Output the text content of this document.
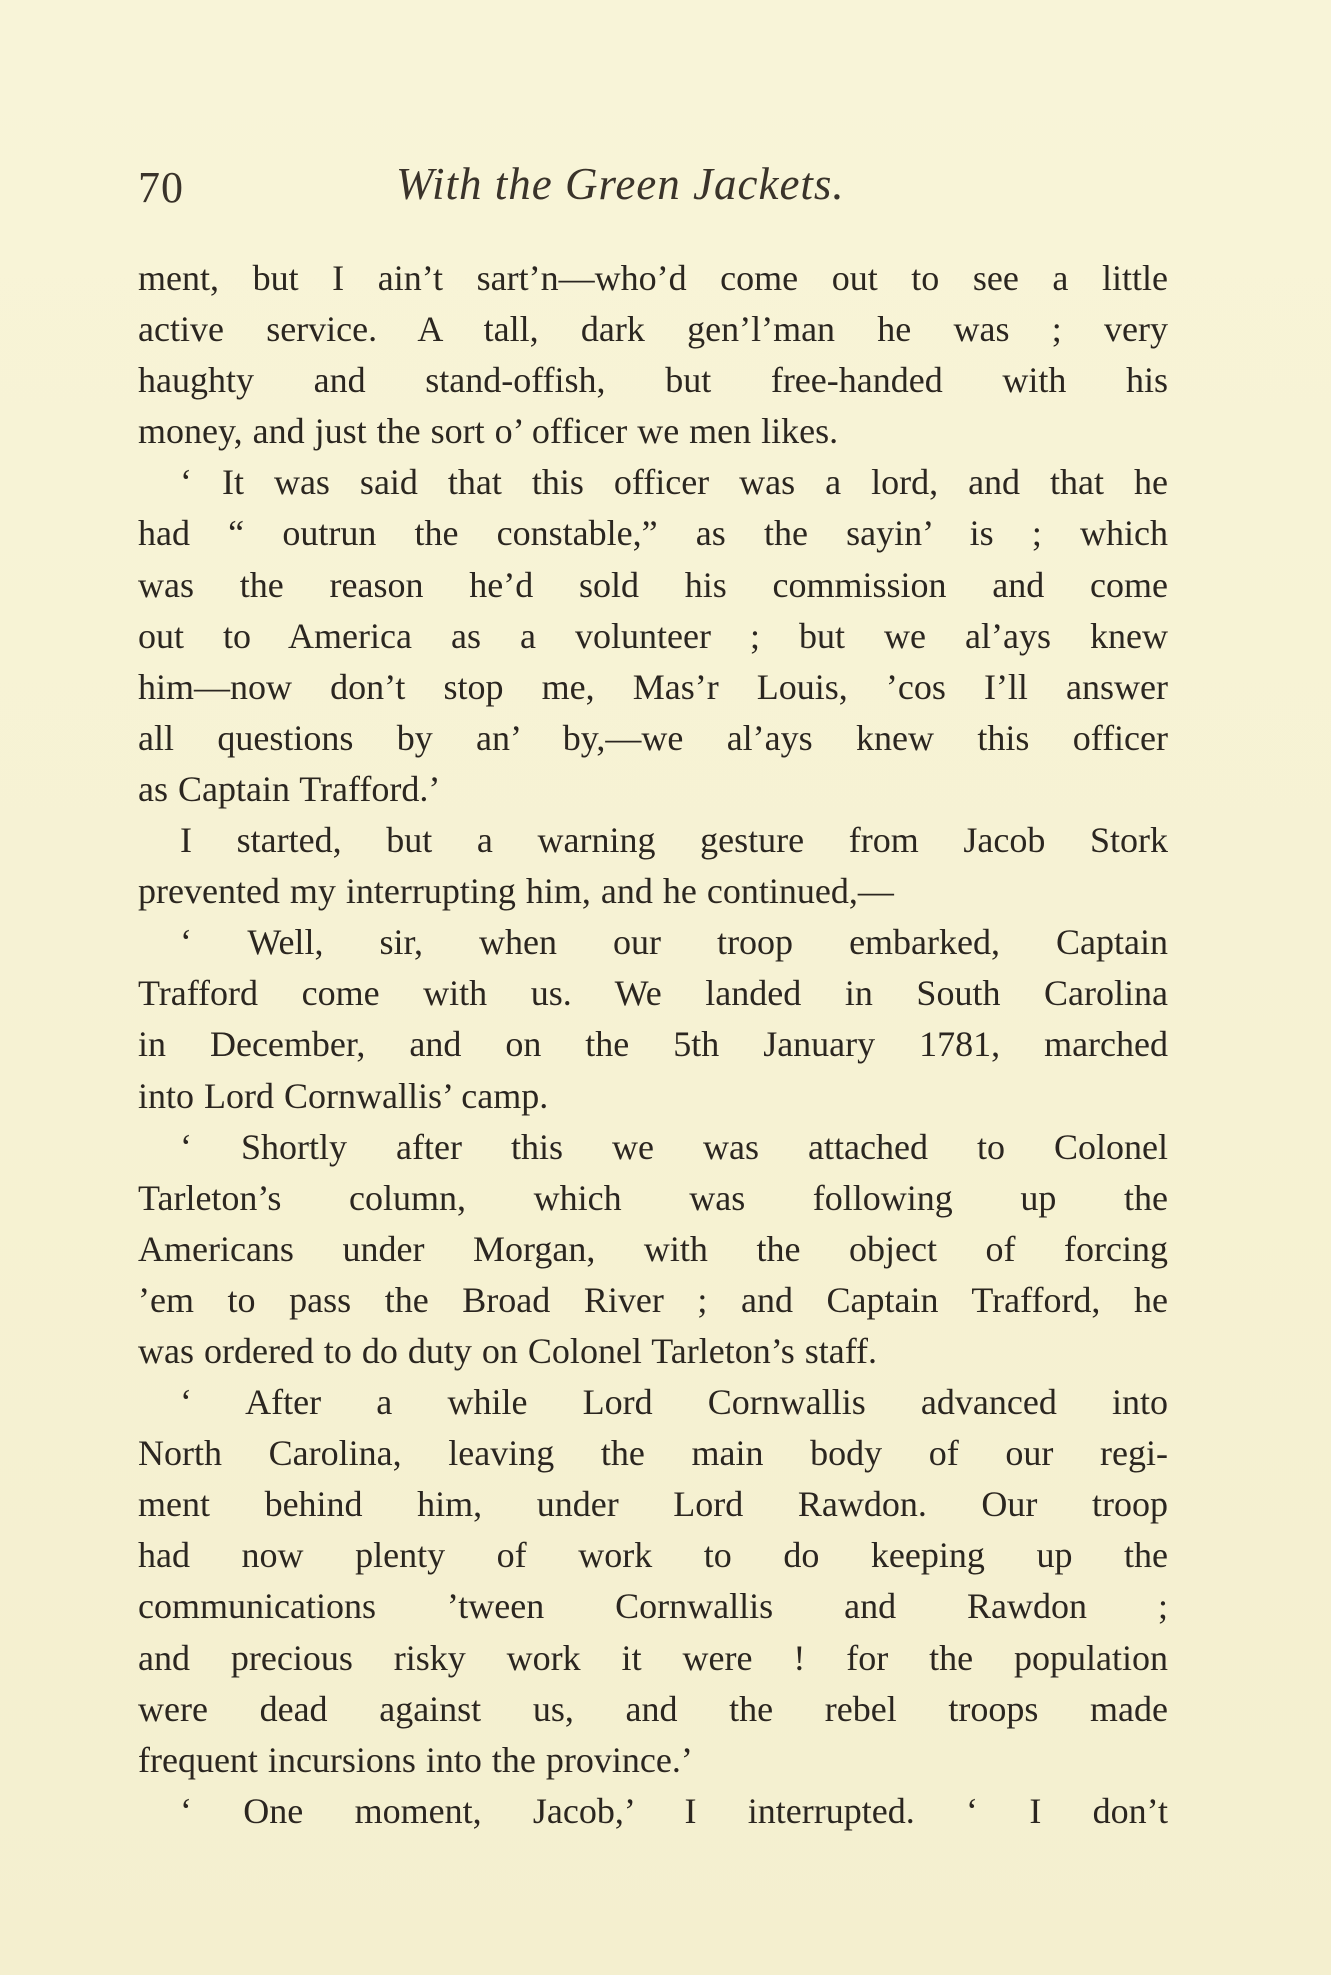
70	With the Green Jackets.
ment, but I ain’t sart’n—who’d come out to see a little
active service. A tall, dark gen’l’man he was ; very
haughty and stand-offish, but free-handed with his
money, and just the sort o’ officer we men likes.
‘ It was said that this officer was a lord, and that he
had “ outrun the constable,” as the sayin’ is ; which
was the reason he’d sold his commission and come
out to America as a volunteer ; but we al’ays knew
him—now don’t stop me, Mas’r Louis, ’cos I’ll answer
all questions by an’ by,—we al’ays knew this officer
as Captain Trafford.’
I started, but a warning gesture from Jacob Stork
prevented my interrupting him, and he continued,—
‘ Well, sir, when our troop embarked, Captain
Trafford come with us. We landed in South Carolina
in December, and on the 5th January 1781, marched
into Lord Cornwallis’ camp.
‘ Shortly after this we was attached to Colonel
Tarleton’s column, which was following up the
Americans under Morgan, with the object of forcing
’em to pass the Broad River ; and Captain Trafford, he
was ordered to do duty on Colonel Tarleton’s staff.
‘ After a while Lord Cornwallis advanced into
North Carolina, leaving the main body of our regi-
ment behind him, under Lord Rawdon. Our troop
had now plenty of work to do keeping up the
communications ’tween Cornwallis and Rawdon ;
and precious risky work it were ! for the population
were dead against us, and the rebel troops made
frequent incursions into the province.’
‘ One moment, Jacob,’ I interrupted. ‘ I don’t
